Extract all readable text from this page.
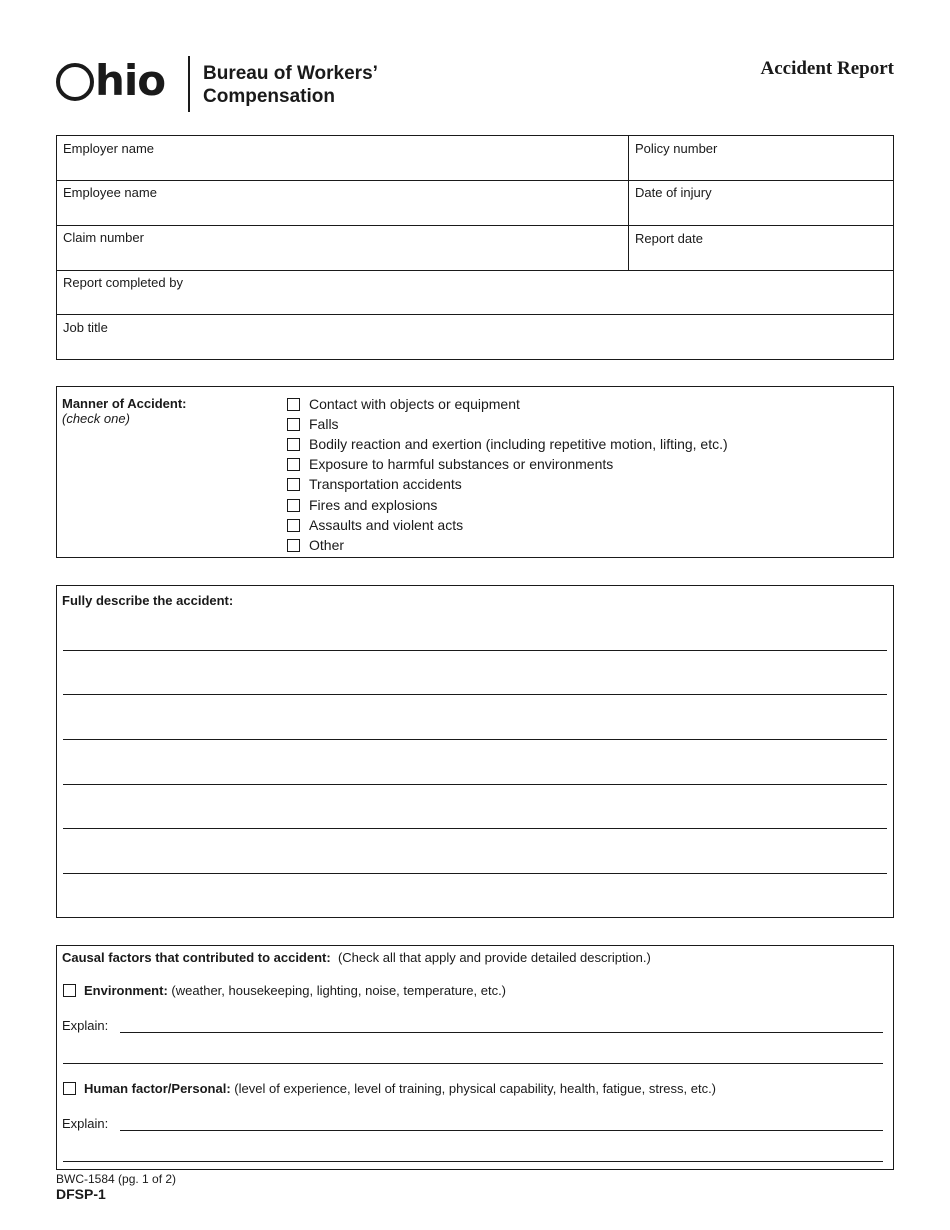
hio Bureau of Workers’
Compensation
Accident Report
Employer name	Policy number
Employee name	Date of injury
Claim number	Report date
Report completed by
Job title
Manner of Accident:
(check one)
Contact with objects or equipment
Falls
Bodily reaction and exertion (including repetitive motion, lifting, etc.)
Exposure to harmful substances or environments
Transportation accidents
Fires and explosions
Assaults and violent acts
Other
Fully describe the accident:
Causal factors that contributed to accident: (Check all that apply and provide detailed description.)
Environment:
(weather, housekeeping, lighting, noise, temperature, etc.)
Explain:
Human factor/Personal:
(level of experience, level of training, physical capability, health, fatigue, stress, etc.)
Explain:
BWC-1584 (pg. 1 of 2)
DFSP-1
